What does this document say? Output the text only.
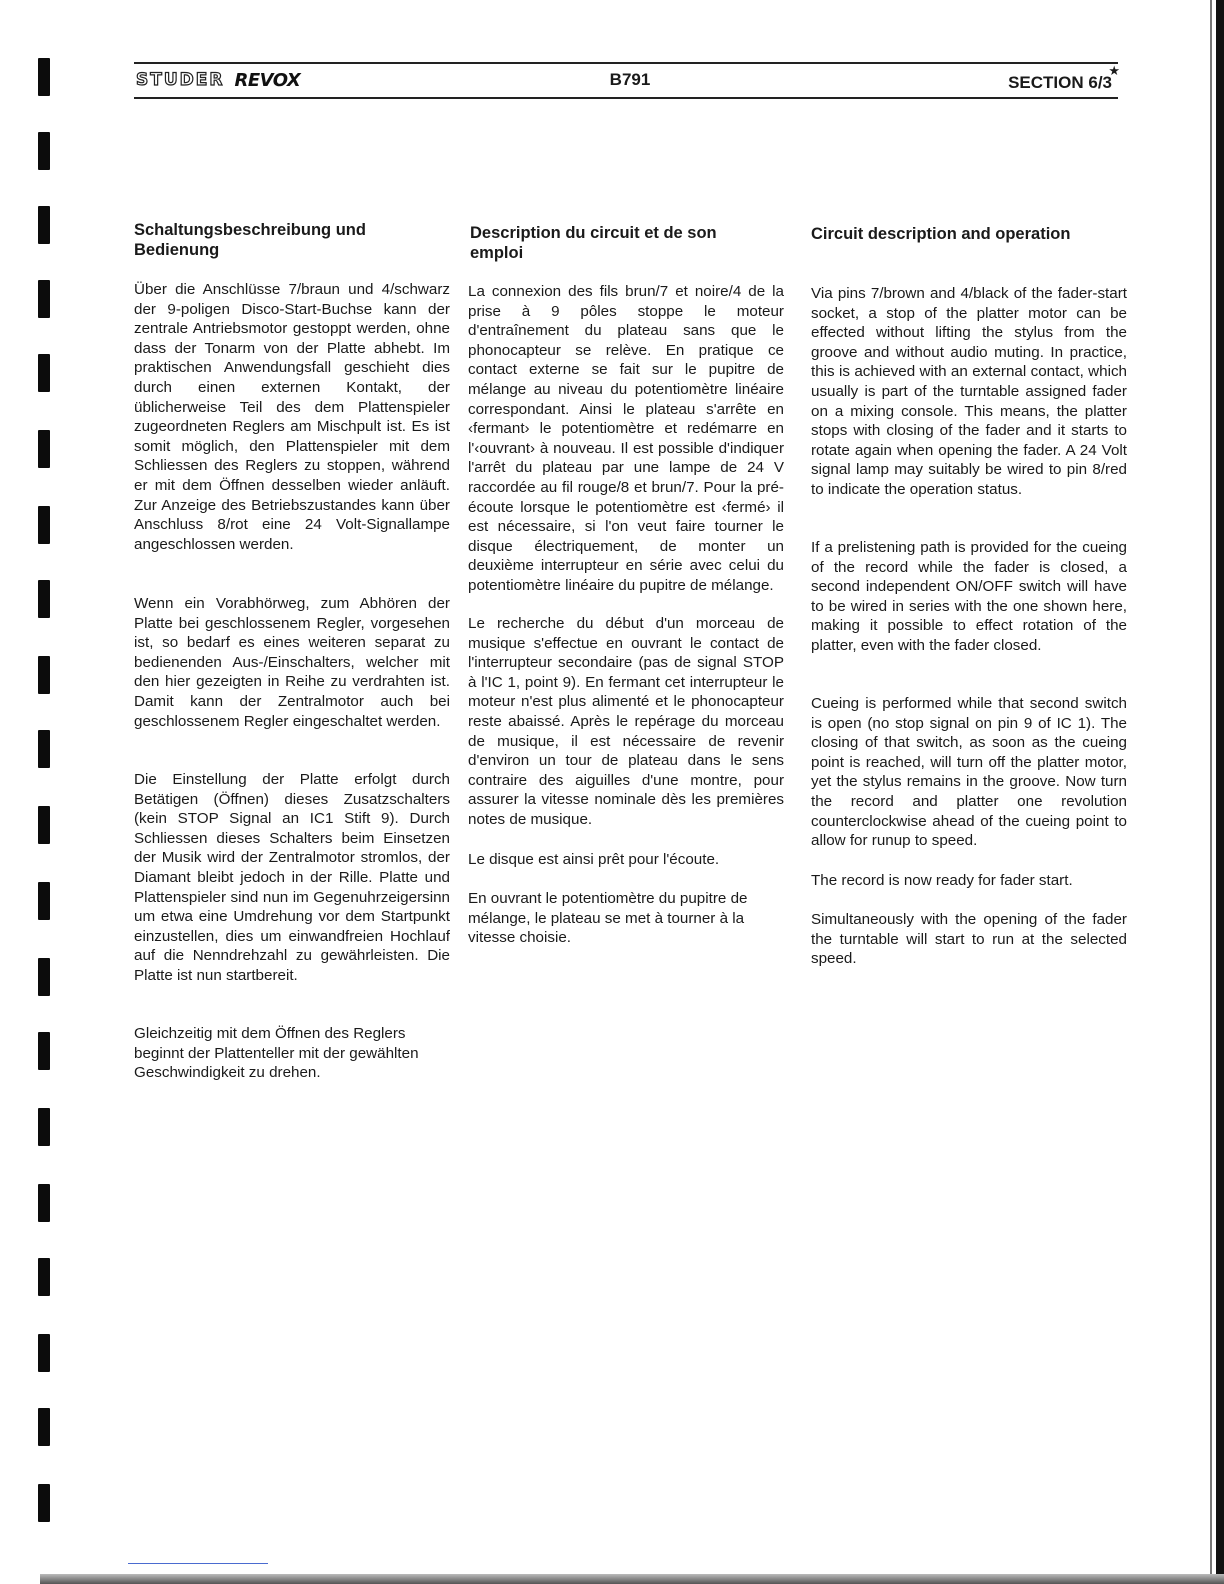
STUDER REVOX	B791	SECTION 6/3
★
Schaltungsbeschreibung und Bedienung

Über die Anschlüsse 7/braun und 4/schwarz der 9-poligen Disco-Start-Buchse kann der zentrale Antriebsmotor gestoppt werden, ohne dass der Tonarm von der Platte abhebt. Im praktischen Anwendungsfall geschieht dies durch einen externen Kontakt, der üblicherweise Teil des dem Plattenspieler zugeordneten Reglers am Mischpult ist. Es ist somit möglich, den Plattenspieler mit dem Schliessen des Reglers zu stoppen, während er mit dem Öffnen desselben wieder anläuft. Zur Anzeige des Betriebszustandes kann über Anschluss 8/rot eine 24 Volt-Signallampe angeschlossen werden.

Wenn ein Vorabhörweg, zum Abhören der Platte bei geschlossenem Regler, vorgesehen ist, so bedarf es eines weiteren separat zu bedienenden Aus-/Einschalters, welcher mit den hier gezeigten in Reihe zu verdrahten ist. Damit kann der Zentralmotor auch bei geschlossenem Regler eingeschaltet werden.

Die Einstellung der Platte erfolgt durch Betätigen (Öffnen) dieses Zusatzschalters (kein STOP Signal an IC1 Stift 9). Durch Schliessen dieses Schalters beim Einsetzen der Musik wird der Zentralmotor stromlos, der Diamant bleibt jedoch in der Rille. Platte und Plattenspieler sind nun im Gegenuhrzeigersinn um etwa eine Umdrehung vor dem Startpunkt einzustellen, dies um einwandfreien Hochlauf auf die Nenndrehzahl zu gewährleisten. Die Platte ist nun startbereit.

Gleichzeitig mit dem Öffnen des Reglers beginnt der Plattenteller mit der gewählten Geschwindigkeit zu drehen.

Description du circuit et de son emploi

La connexion des fils brun/7 et noire/4 de la prise à 9 pôles stoppe le moteur d'entraînement du plateau sans que le phonocapteur se relève. En pratique ce contact externe se fait sur le pupitre de mélange au niveau du potentiomètre linéaire correspondant. Ainsi le plateau s'arrête en ‹fermant› le potentiomètre et redémarre en l'‹ouvrant› à nouveau. Il est possible d'indiquer l'arrêt du plateau par une lampe de 24 V raccordée au fil rouge/8 et brun/7. Pour la pré-écoute lorsque le potentiomètre est ‹fermé› il est nécessaire, si l'on veut faire tourner le disque électriquement, de monter un deuxième interrupteur en série avec celui du potentiomètre linéaire du pupitre de mélange.

Le recherche du début d'un morceau de musique s'effectue en ouvrant le contact de l'interrupteur secondaire (pas de signal STOP à l'IC 1, point 9). En fermant cet interrupteur le moteur n'est plus alimenté et le phonocapteur reste abaissé. Après le repérage du morceau de musique, il est nécessaire de revenir d'environ un tour de plateau dans le sens contraire des aiguilles d'une montre, pour assurer la vitesse nominale dès les premières notes de musique.

Le disque est ainsi prêt pour l'écoute.

En ouvrant le potentiomètre du pupitre de mélange, le plateau se met à tourner à la vitesse choisie.

Circuit description and operation

Via pins 7/brown and 4/black of the fader-start socket, a stop of the platter motor can be effected without lifting the stylus from the groove and without audio muting. In practice, this is achieved with an external contact, which usually is part of the turntable assigned fader on a mixing console. This means, the platter stops with closing of the fader and it starts to rotate again when opening the fader. A 24 Volt signal lamp may suitably be wired to pin 8/red to indicate the operation status.

If a prelistening path is provided for the cueing of the record while the fader is closed, a second independent ON/OFF switch will have to be wired in series with the one shown here, making it possible to effect rotation of the platter, even with the fader closed.

Cueing is performed while that second switch is open (no stop signal on pin 9 of IC 1). The closing of that switch, as soon as the cueing point is reached, will turn off the platter motor, yet the stylus remains in the groove. Now turn the record and platter one revolution counterclockwise ahead of the cueing point to allow for runup to speed.

The record is now ready for fader start.

Simultaneously with the opening of the fader the turntable will start to run at the selected speed.
